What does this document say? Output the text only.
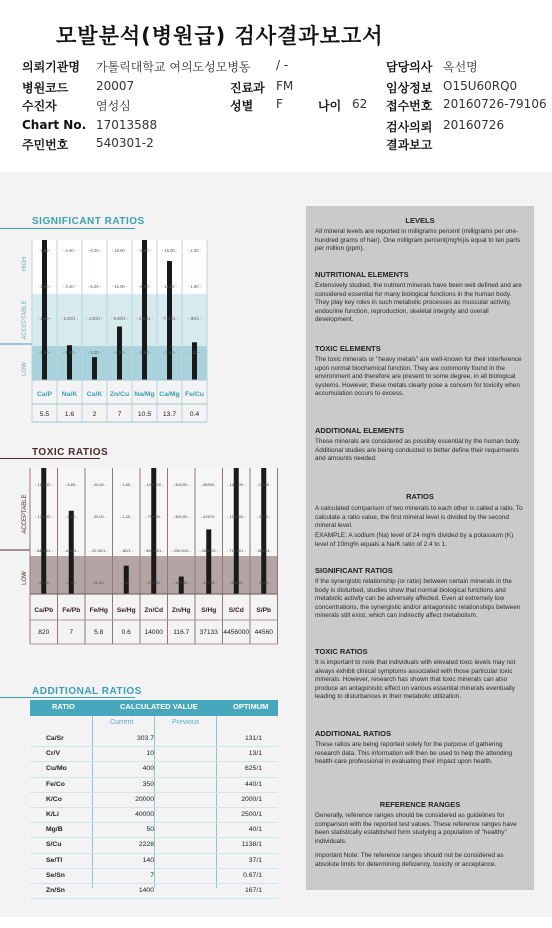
모발분석(병원급) 검사결과보고서
의뢰기관명 가톨릭대학교 여의도성모병동 / -	담당의사 옥선명
병원코드 20007	진료과 FM	임상정보 O15U60RQ0
수진자	염성심	성별 F	나이 62 접수번호 20160726-79106
Chart No. 17013588	검사의뢰 20160726
주민번호 540301-2	결과보고
SIGNIFICANT RATIOS
HIGH
ACCEPTABLE
LOW
- 4.60 -
- 3.60 -
- 2.60 -
- 1.60 -
Ca/P
5.5
- 4.40 -
- 3.40 -
- 2.40/1 -
- 1.40 -
Na/K
1.6
- 6.20 -
- 5.20 -
- 4.20/1 -
- 2.20 -
Ca/K
2
- 16.00 -
- 12.00 -
- 8.00/1 -
- 4.00 -
Zn/Cu
7
- 9.00 -
- 6.00 -
- 4.00/1 -
- 2.00 -
Na/Mg
10.5
- 15.00 -
- 11.00 -
- 7.00/1 -
- 3.00 -
Ca/Mg
13.7
- 2.30 -
- 1.60 -
- .90/1 -
- .20 -
Fe/Cu
0.4
TOXIC RATIOS
ACCEPTABLE
LOW
- 168.00 -
- 126.00 -
- 84.00/1 -
- 42.00 -
Ca/Pb
820
- 8.80 -
- 6.60 -
- 4.40/1 -
- 2.20 -
Fe/Pb
7
- 44.00 -
- 33.00 -
- 22.00/1 -
- 11.00 -
Fe/Hg
5.8
- 1.60 -
- 1.20 -
- .80/1 -
- .40 -
Se/Hg
0.6
- 1000.00 -
- 750.00 -
- 500.00/1 -
- 250.00 -
Zn/Cd
14000
- 400.00 -
- 300.00 -
- 200.00/1 -
- 100.00 -
Zn/Hg
116.7
- 56900 -
- 42675 -
- 28450/1 -
- 14225 -
S/Hg
37133
- 142200 -
- 106650 -
- 71100/1 -
- 35550 -
S/Cd
4456000
- 11360 -
- 8520 -
- 5680/1 -
- 2840 -
S/Pb
44560
ADDITIONAL RATIOS
RATIO	CALCULATED VALUE	OPTIMUM
Current	Previous
Ca/Sr	303.7	131/1
Cr/V	10	13/1
Cu/Mo	400	625/1
Fe/Co	350	440/1
K/Co	20000	2000/1
K/Li	40000	2500/1
Mg/B	50	40/1
S/Cu	2228	1138/1
Se/Tl	140	37/1
Se/Sn	7	0.67/1
Zn/Sn	1400	167/1
LEVELS
All mineral levels are reported in milligrams percent (milligrams per one-hundred grams of hair). One milligram percent(mg%)is equal to ten parts per million (ppm).
NUTRITIONAL ELEMENTS
Extensively studied, the nutrient minerals have been well defined and are considered essential for many biological functions in the human body. They play key roles in such metabolic processes as muscular activity, endocrine function, reproduction, skeletal integrity and overall development.
TOXIC ELEMENTS
The toxic minerals or "heavy metals" are well-known for their interference upon normal biochemical function. They are commonly found in the environment and therefore are present to some degree, in all biological systems. However, these metals clearly pose a concern for toxicity when accumulation occurs to excess.
ADDITIONAL ELEMENTS
These minerals are considered as possibly essential by the human body. Additional studies are being conducted to better define their requirments and amounts needed.
RATIOS
A calculated comparison of two minerals to each other is called a ratio. To calculate a ratio value, the first mineral level is divided by the second mineral level.
EXAMPLE: A sodium (Na) level of 24 mg% divided by a potassium (K) level of 10mg% equals a Na/K ratio of 2.4 to 1.
SIGNIFICANT RATIOS
If the synergistic relationship (or ratio) between certain minerals in the body is disturbed, studies show that normal biological functions and metabolic activity can be adversely affected. Even at extremely low concentrations, the synergistic and/or antagonistic relationships between minerals still exist, which can indirectly affect metabolism.
TOXIC RATIOS
It is important to note that individuals with elevated toxic levels may not always exhibit clinical symptoms associated with those particular toxic minerals. However, research has shown that toxic minerals can also produce an antagonistic effect on various essential minerals eventually leading to disturbances in their metabolic utilization.
ADDITIONAL RATIOS
These ratios are being reported solely for the purpose of gathering research data. This information will then be used to help the attending health-care professional in evaluating their impact upon health.
REFERENCE RANGES
Generally, reference ranges should be considered as guidelines for comparison with the reported test values. These reference ranges have been statistically established form studying a population of "healthy" individuals.
Important Note: The reference ranges should not be considered as absolute limits for determining deficiency, toxicity or acceptance.
